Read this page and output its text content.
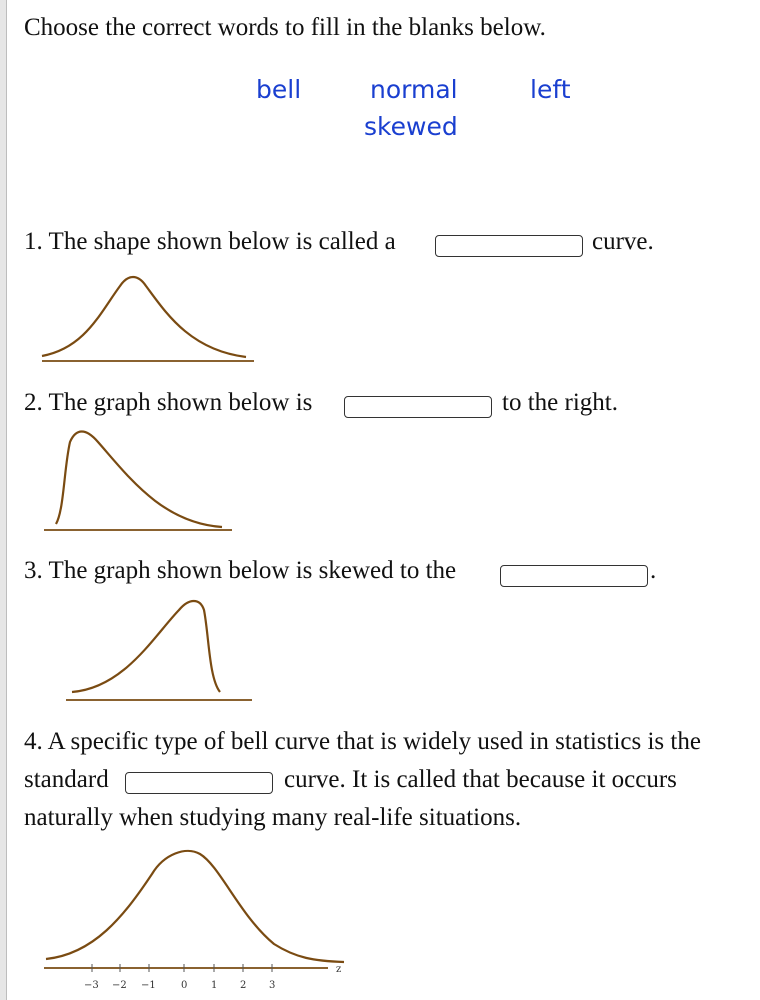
Choose the correct words to fill in the blanks below.
bell	normal	left
skewed
1. The shape shown below is called a	curve.
2. The graph shown below is	to the right.
3. The graph shown below is skewed to the	.
4. A specific type of bell curve that is widely used in statistics is the
standard	curve. It is called that because it occurs
naturally when studying many real-life situations.
z
−3 −2 −1	0 1 2 3
